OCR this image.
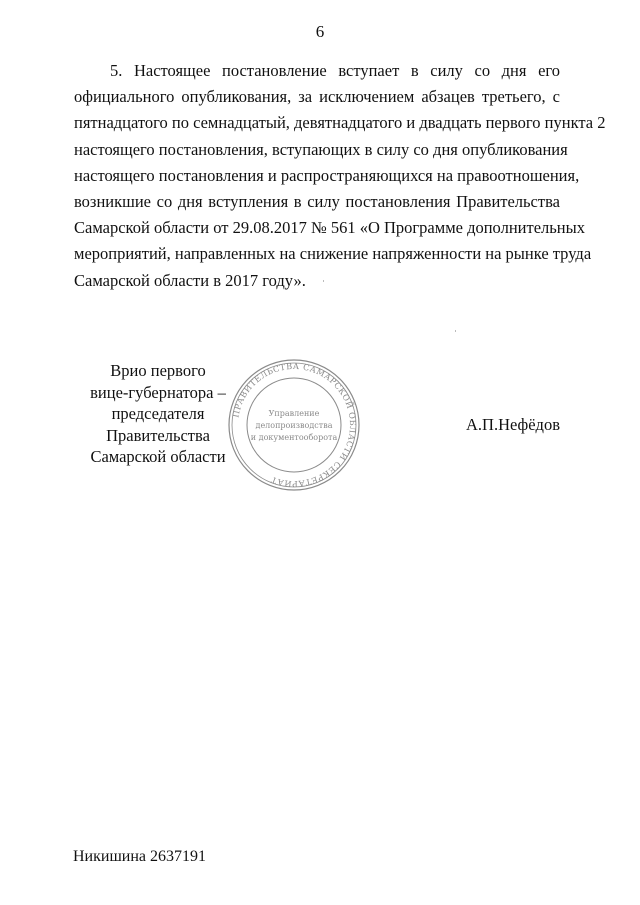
6
5. Настоящее постановление вступает в силу со дня его
официального опубликования, за исключением абзацев третьего, с
пятнадцатого по семнадцатый, девятнадцатого и двадцать первого пункта 2
настоящего постановления, вступающих в силу со дня опубликования
настоящего постановления и распространяющихся на правоотношения,
возникшие со дня вступления в силу постановления Правительства
Самарской области от 29.08.2017 № 561 «О Программе дополнительных
мероприятий, направленных на снижение напряженности на рынке труда
Самарской области в 2017 году».
Врио первого
вице-губернатора –
председателя Правительства
Самарской области
ПРАВИТЕЛЬСТВА САМАРСКОЙ ОБЛАСТИ СЕКРЕТАРИАТ
Управление
делопроизводства
и документооборота
А.П.Нефёдов
Никишина 2637191
